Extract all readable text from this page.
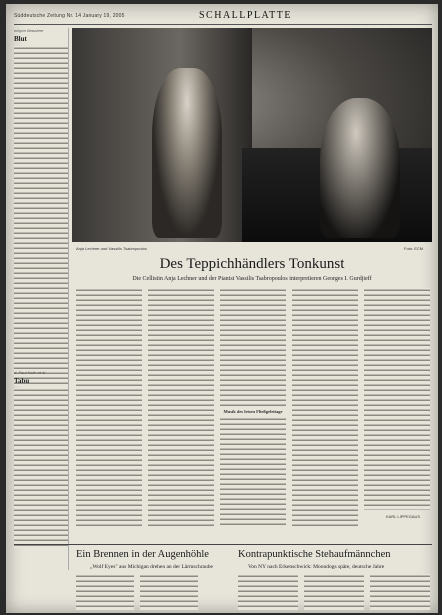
Süddeutsche Zeitung Nr. 14 January 19, 2005	SCHALLPLATTE
mbyon Massiere
Blut
d. Paul Kalin et al
Tabu
Anja Lechner und Vassilis Tsabropoulos	Foto: ECM
Des Teppichhändlers Tonkunst
Die Cellistin Anja Lechner und der Pianist Vassilis Tsabropoulos interpretieren Georges I. Gurdjieff
Musik des leisen Fließgeleitage
KARL LIPPEGAUS
Ein Brennen in der Augenhöhle
„Wolf Eyes" aus Michigan drehen an der Lärmschraube
Kontrapunktische Stehaufmännchen
Von NY nach Erkenschwick: Moondogs späte, deutsche Jahre
